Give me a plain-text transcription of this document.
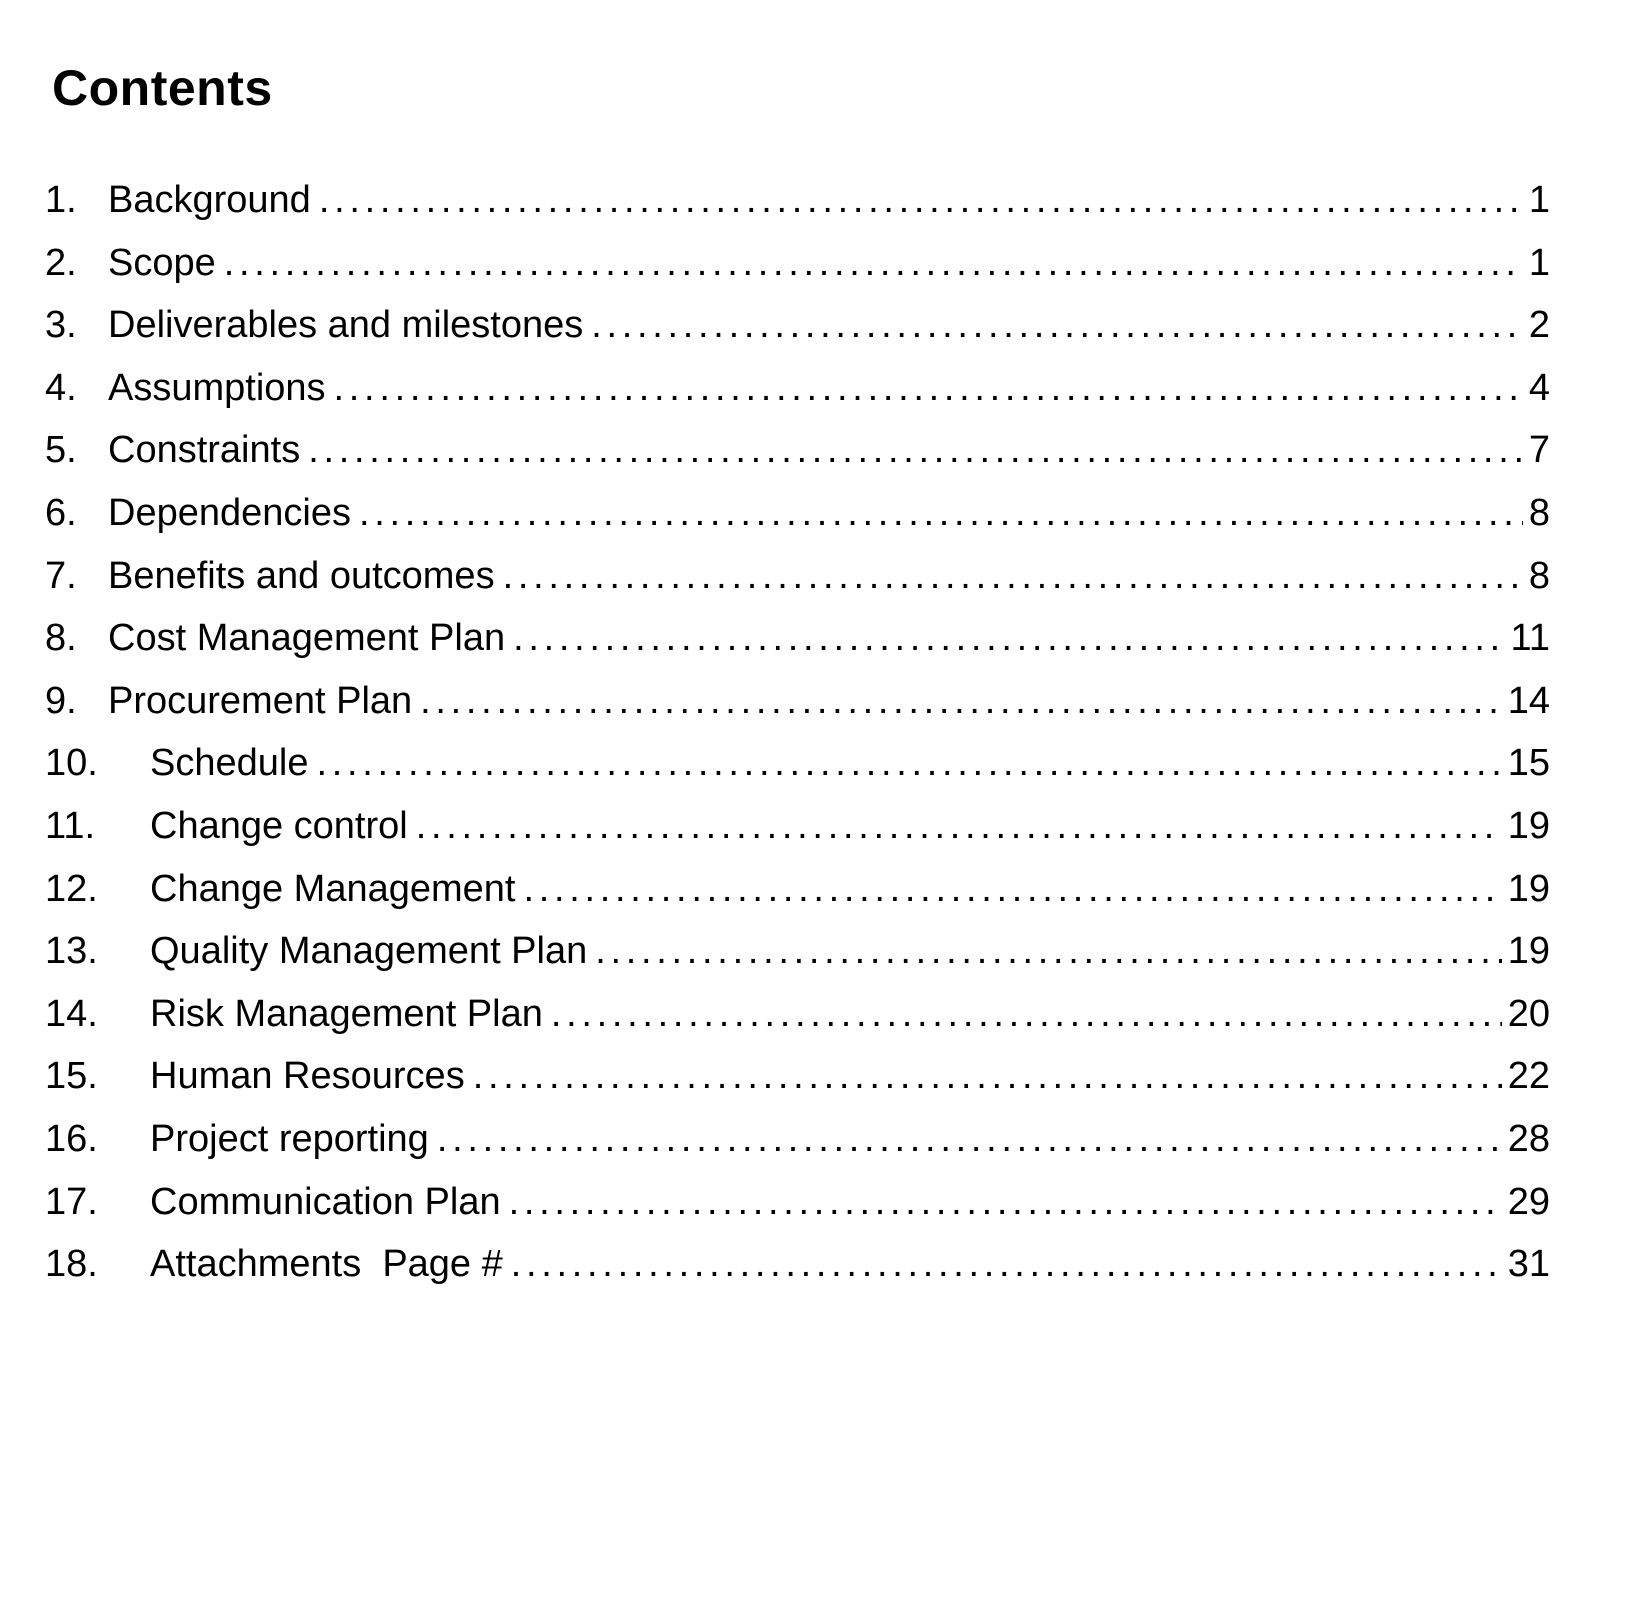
Contents
1. Background .....	1
2. Scope .....	1
3. Deliverables and milestones .....	2
4. Assumptions .....	4
5. Constraints .....	7
6. Dependencies .....	8
7. Benefits and outcomes .....	8
8. Cost Management Plan .....	11
9. Procurement Plan .....	14
10.	Schedule .....	15
11.	Change control .....	19
12.	Change Management .....	19
13.	Quality Management Plan .....	19
14.	Risk Management Plan .....	20
15.	Human Resources .....	22
16.	Project reporting .....	28
17.	Communication Plan .....	29
18.	Attachments  Page # .....	31
